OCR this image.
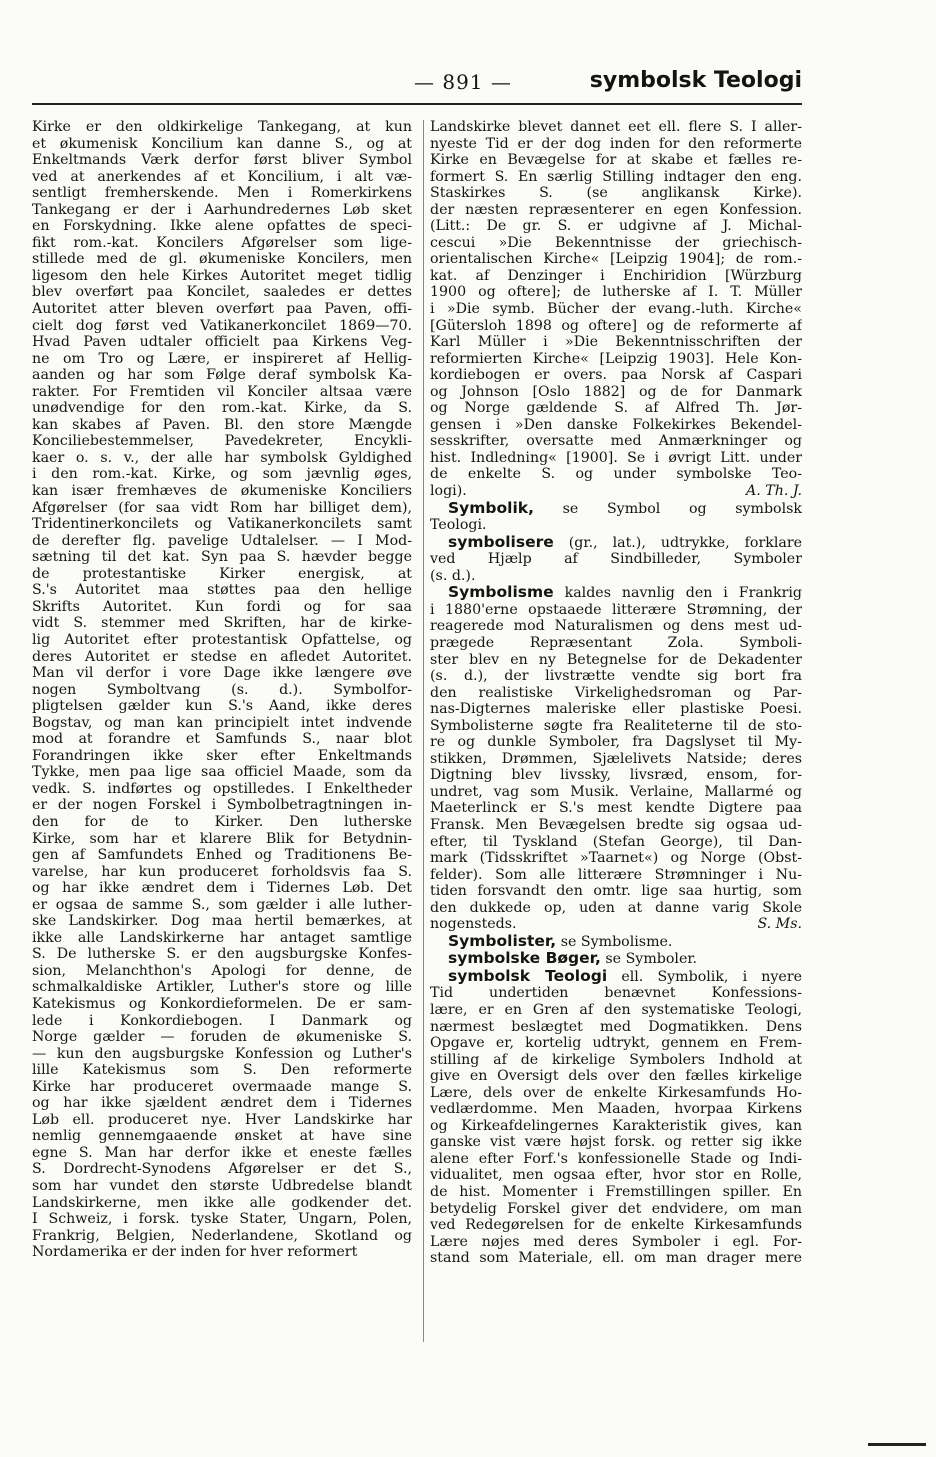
— 891 —	symbolsk Teologi
Kirke er den oldkirkelige Tankegang, at kun
et økumenisk Koncilium kan danne S., og at
Enkeltmands Værk derfor først bliver Symbol
ved at anerkendes af et Koncilium, i alt væ-
sentligt fremherskende. Men i Romerkirkens
Tankegang er der i Aarhundredernes Løb sket
en Forskydning. Ikke alene opfattes de speci-
fikt rom.-kat. Koncilers Afgørelser som lige-
stillede med de gl. økumeniske Koncilers, men
ligesom den hele Kirkes Autoritet meget tidlig
blev overført paa Koncilet, saaledes er dettes
Autoritet atter bleven overført paa Paven, offi-
cielt dog først ved Vatikanerkoncilet 1869—70.
Hvad Paven udtaler officielt paa Kirkens Veg-
ne om Tro og Lære, er inspireret af Hellig-
aanden og har som Følge deraf symbolsk Ka-
rakter. For Fremtiden vil Konciler altsaa være
unødvendige for den rom.-kat. Kirke, da S.
kan skabes af Paven. Bl. den store Mængde
Konciliebestemmelser, Pavedekreter, Encykli-
kaer o. s. v., der alle har symbolsk Gyldighed
i den rom.-kat. Kirke, og som jævnlig øges,
kan især fremhæves de økumeniske Konciliers
Afgørelser (for saa vidt Rom har billiget dem),
Tridentinerkoncilets og Vatikanerkoncilets samt
de derefter flg. pavelige Udtalelser. — I Mod-
sætning til det kat. Syn paa S. hævder begge
de protestantiske Kirker energisk, at
S.'s Autoritet maa støttes paa den hellige
Skrifts Autoritet. Kun fordi og for saa
vidt S. stemmer med Skriften, har de kirke-
lig Autoritet efter protestantisk Opfattelse, og
deres Autoritet er stedse en afledet Autoritet.
Man vil derfor i vore Dage ikke længere øve
nogen Symboltvang (s. d.). Symbolfor-
pligtelsen gælder kun S.'s Aand, ikke deres
Bogstav, og man kan principielt intet indvende
mod at forandre et Samfunds S., naar blot
Forandringen ikke sker efter Enkeltmands
Tykke, men paa lige saa officiel Maade, som da
vedk. S. indførtes og opstilledes. I Enkeltheder
er der nogen Forskel i Symbolbetragtningen in-
den for de to Kirker. Den lutherske
Kirke, som har et klarere Blik for Betydnin-
gen af Samfundets Enhed og Traditionens Be-
varelse, har kun produceret forholdsvis faa S.
og har ikke ændret dem i Tidernes Løb. Det
er ogsaa de samme S., som gælder i alle luther-
ske Landskirker. Dog maa hertil bemærkes, at
ikke alle Landskirkerne har antaget samtlige
S. De lutherske S. er den augsburgske Konfes-
sion, Melanchthon's Apologi for denne, de
schmalkaldiske Artikler, Luther's store og lille
Katekismus og Konkordieformelen. De er sam-
lede i Konkordiebogen. I Danmark og
Norge gælder — foruden de økumeniske S.
— kun den augsburgske Konfession og Luther's
lille Katekismus som S. Den reformerte
Kirke har produceret overmaade mange S.
og har ikke sjældent ændret dem i Tidernes
Løb ell. produceret nye. Hver Landskirke har
nemlig gennemgaaende ønsket at have sine
egne S. Man har derfor ikke et eneste fælles
S. Dordrecht-Synodens Afgørelser er det S.,
som har vundet den største Udbredelse blandt
Landskirkerne, men ikke alle godkender det.
I Schweiz, i forsk. tyske Stater, Ungarn, Polen,
Frankrig, Belgien, Nederlandene, Skotland og
Nordamerika er der inden for hver reformert
Landskirke blevet dannet eet ell. flere S. I aller-
nyeste Tid er der dog inden for den reformerte
Kirke en Bevægelse for at skabe et fælles re-
formert S. En særlig Stilling indtager den eng.
Staskirkes S. (se anglikansk Kirke).
der næsten repræsenterer en egen Konfession.
(Litt.: De gr. S. er udgivne af J. Michal-
cescui »Die Bekenntnisse der griechisch-
orientalischen Kirche« [Leipzig 1904]; de rom.-
kat. af Denzinger i Enchiridion [Würzburg
1900 og oftere]; de lutherske af I. T. Müller
i »Die symb. Bücher der evang.-luth. Kirche«
[Gütersloh 1898 og oftere] og de reformerte af
Karl Müller i »Die Bekenntnisschriften der
reformierten Kirche« [Leipzig 1903]. Hele Kon-
kordiebogen er overs. paa Norsk af Caspari
og Johnson [Oslo 1882] og de for Danmark
og Norge gældende S. af Alfred Th. Jør-
gensen i »Den danske Folkekirkes Bekendel-
sesskrifter, oversatte med Anmærkninger og
hist. Indledning« [1900]. Se i øvrigt Litt. under
de enkelte S. og under symbolske Teo-
logi).	A. Th. J.
Symbolik, se Symbol og symbolsk
Teologi.
symbolisere (gr., lat.), udtrykke, forklare
ved Hjælp af Sindbilleder, Symboler
(s. d.).
Symbolisme kaldes navnlig den i Frankrig
i 1880'erne opstaaede litterære Strømning, der
reagerede mod Naturalismen og dens mest ud-
prægede Repræsentant Zola. Symboli-
ster blev en ny Betegnelse for de Dekadenter
(s. d.), der livstrætte vendte sig bort fra
den realistiske Virkelighedsroman og Par-
nas-Digternes maleriske eller plastiske Poesi.
Symbolisterne søgte fra Realiteterne til de sto-
re og dunkle Symboler, fra Dagslyset til My-
stikken, Drømmen, Sjælelivets Natside; deres
Digtning blev livssky, livsræd, ensom, for-
undret, vag som Musik. Verlaine, Mallarmé og
Maeterlinck er S.'s mest kendte Digtere paa
Fransk. Men Bevægelsen bredte sig ogsaa ud-
efter, til Tyskland (Stefan George), til Dan-
mark (Tidsskriftet »Taarnet«) og Norge (Obst-
felder). Som alle litterære Strømninger i Nu-
tiden forsvandt den omtr. lige saa hurtig, som
den dukkede op, uden at danne varig Skole
nogensteds.	S. Ms.
Symbolister, se Symbolisme.
symbolske Bøger, se Symboler.
symbolsk Teologi ell. Symbolik, i nyere
Tid undertiden benævnet Konfessions-
lære, er en Gren af den systematiske Teologi,
nærmest beslægtet med Dogmatikken. Dens
Opgave er, kortelig udtrykt, gennem en Frem-
stilling af de kirkelige Symbolers Indhold at
give en Oversigt dels over den fælles kirkelige
Lære, dels over de enkelte Kirkesamfunds Ho-
vedlærdomme. Men Maaden, hvorpaa Kirkens
og Kirkeafdelingernes Karakteristik gives, kan
ganske vist være højst forsk. og retter sig ikke
alene efter Forf.'s konfessionelle Stade og Indi-
vidualitet, men ogsaa efter, hvor stor en Rolle,
de hist. Momenter i Fremstillingen spiller. En
betydelig Forskel giver det endvidere, om man
ved Redegørelsen for de enkelte Kirkesamfunds
Lære nøjes med deres Symboler i egl. For-
stand som Materiale, ell. om man drager mere
